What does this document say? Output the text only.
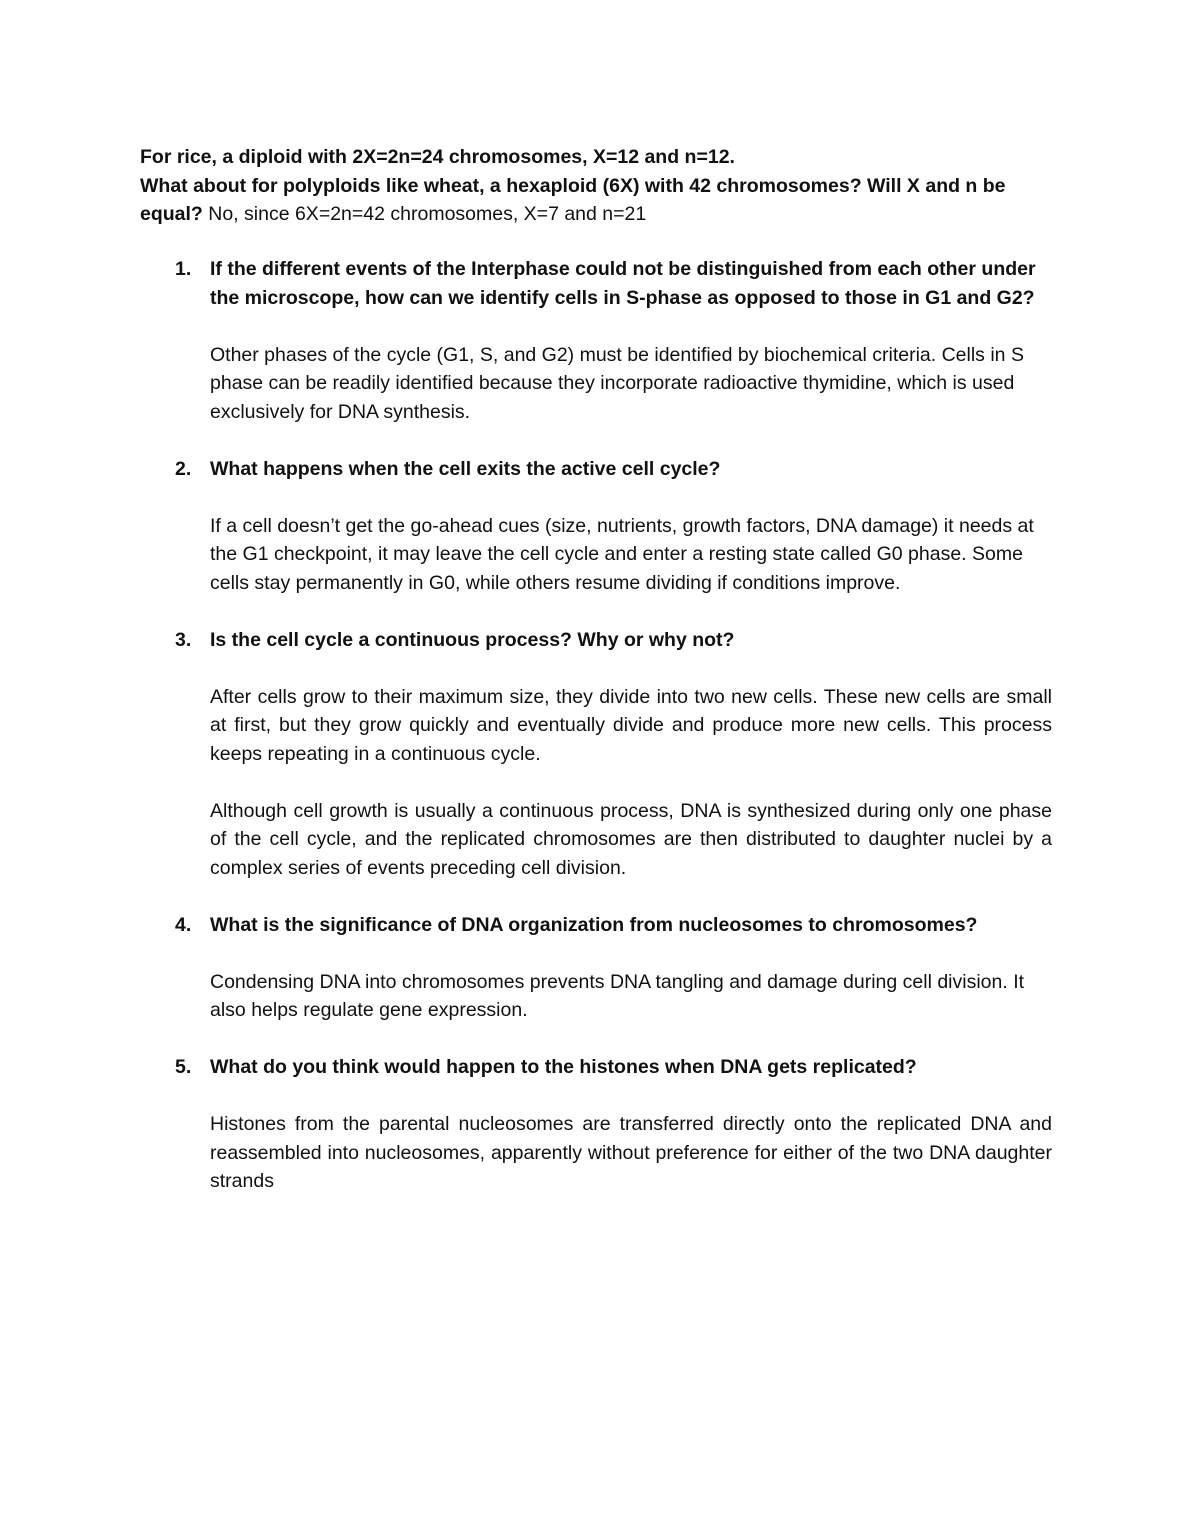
For rice, a diploid with 2X=2n=24 chromosomes, X=12 and n=12.

What about for polyploids like wheat, a hexaploid (6X) with 42 chromosomes? Will X and n be equal? No, since 6X=2n=42 chromosomes, X=7 and n=21

1. If the different events of the Interphase could not be distinguished from each other under the microscope, how can we identify cells in S-phase as opposed to those in G1 and G2?

Other phases of the cycle (G1, S, and G2) must be identified by biochemical criteria. Cells in S phase can be readily identified because they incorporate radioactive thymidine, which is used exclusively for DNA synthesis.

2. What happens when the cell exits the active cell cycle?

If a cell doesn’t get the go-ahead cues (size, nutrients, growth factors, DNA damage) it needs at the G1 checkpoint, it may leave the cell cycle and enter a resting state called G0 phase. Some cells stay permanently in G0, while others resume dividing if conditions improve.

3. Is the cell cycle a continuous process? Why or why not?

After cells grow to their maximum size, they divide into two new cells. These new cells are small at first, but they grow quickly and eventually divide and produce more new cells. This process keeps repeating in a continuous cycle.

Although cell growth is usually a continuous process, DNA is synthesized during only one phase of the cell cycle, and the replicated chromosomes are then distributed to daughter nuclei by a complex series of events preceding cell division.

4. What is the significance of DNA organization from nucleosomes to chromosomes?

Condensing DNA into chromosomes prevents DNA tangling and damage during cell division. It also helps regulate gene expression.

5. What do you think would happen to the histones when DNA gets replicated?

Histones from the parental nucleosomes are transferred directly onto the replicated DNA and reassembled into nucleosomes, apparently without preference for either of the two DNA daughter strands
